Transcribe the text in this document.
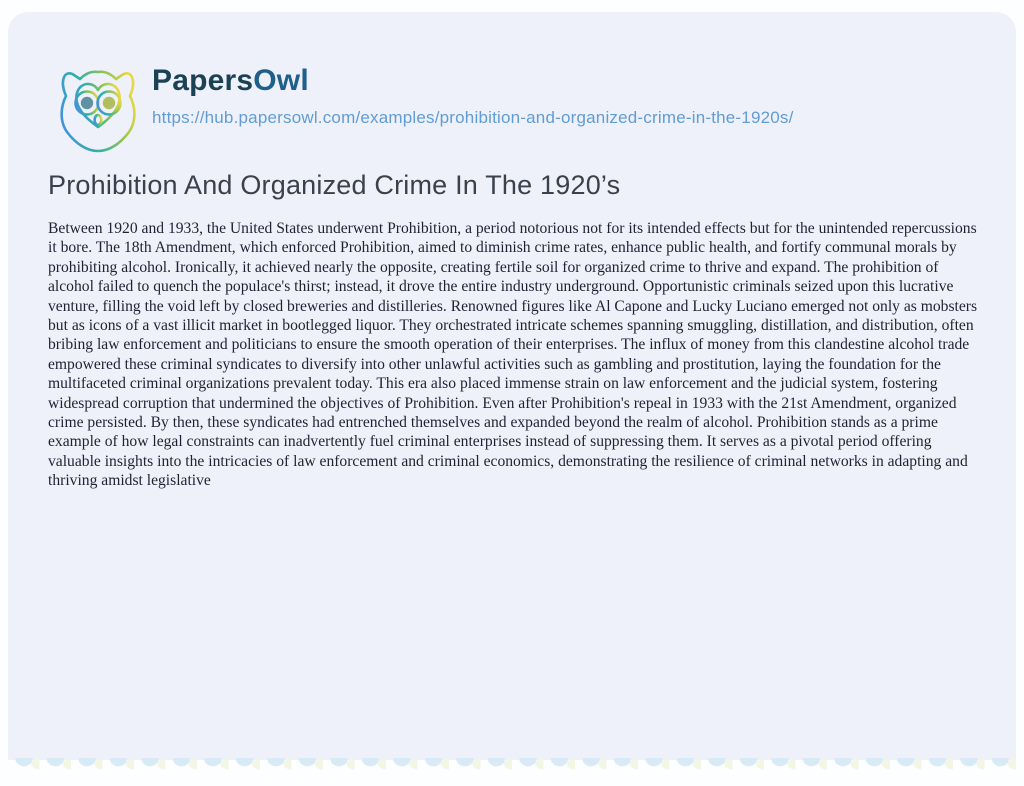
PapersOwl
https://hub.papersowl.com/examples/prohibition-and-organized-crime-in-the-1920s/
Prohibition And Organized Crime In The 1920’s

Between 1920 and 1933, the United States underwent Prohibition, a period notorious not for its intended effects but for the unintended repercussions it bore. The 18th Amendment, which enforced Prohibition, aimed to diminish crime rates, enhance public health, and fortify communal morals by prohibiting alcohol. Ironically, it achieved nearly the opposite, creating fertile soil for organized crime to thrive and expand. The prohibition of alcohol failed to quench the populace's thirst; instead, it drove the entire industry underground. Opportunistic criminals seized upon this lucrative venture, filling the void left by closed breweries and distilleries. Renowned figures like Al Capone and Lucky Luciano emerged not only as mobsters but as icons of a vast illicit market in bootlegged liquor. They orchestrated intricate schemes spanning smuggling, distillation, and distribution, often bribing law enforcement and politicians to ensure the smooth operation of their enterprises. The influx of money from this clandestine alcohol trade empowered these criminal syndicates to diversify into other unlawful activities such as gambling and prostitution, laying the foundation for the multifaceted criminal organizations prevalent today. This era also placed immense strain on law enforcement and the judicial system, fostering widespread corruption that undermined the objectives of Prohibition. Even after Prohibition's repeal in 1933 with the 21st Amendment, organized crime persisted. By then, these syndicates had entrenched themselves and expanded beyond the realm of alcohol. Prohibition stands as a prime example of how legal constraints can inadvertently fuel criminal enterprises instead of suppressing them. It serves as a pivotal period offering valuable insights into the intricacies of law enforcement and criminal economics, demonstrating the resilience of criminal networks in adapting and thriving amidst legislative
